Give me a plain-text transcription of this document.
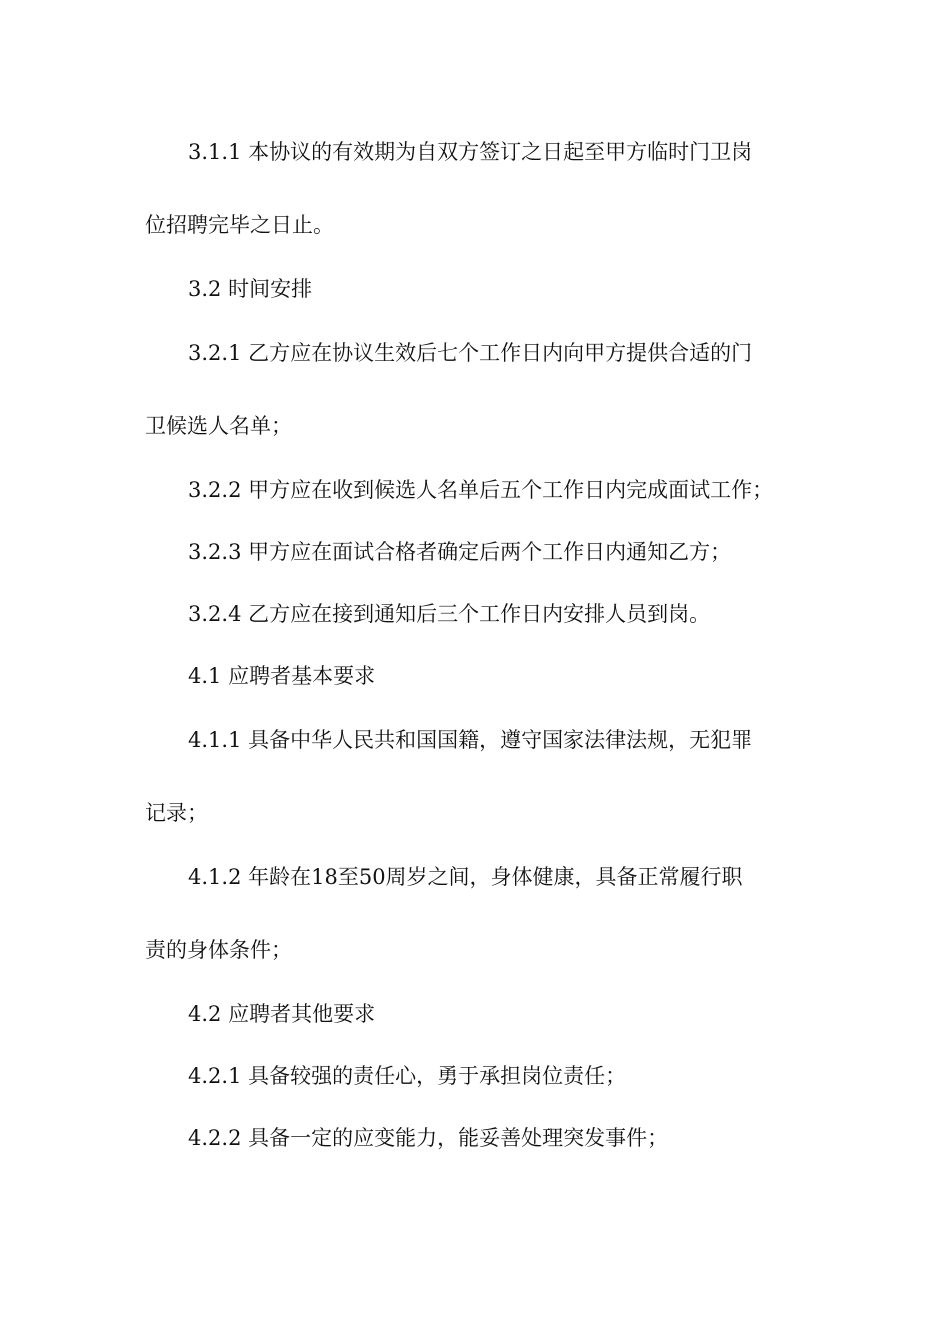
3.1.1 本协议的有效期为自双方签订之日起至甲方临时门卫岗

位招聘完毕之日止。

3.2 时间安排

3.2.1 乙方应在协议生效后七个工作日内向甲方提供合适的门

卫候选人名单；

3.2.2 甲方应在收到候选人名单后五个工作日内完成面试工作；

3.2.3 甲方应在面试合格者确定后两个工作日内通知乙方；

3.2.4 乙方应在接到通知后三个工作日内安排人员到岗。

4.1 应聘者基本要求

4.1.1 具备中华人民共和国国籍，遵守国家法律法规，无犯罪

记录；

4.1.2 年龄在18至50周岁之间，身体健康，具备正常履行职

责的身体条件；

4.2 应聘者其他要求

4.2.1 具备较强的责任心，勇于承担岗位责任；

4.2.2 具备一定的应变能力，能妥善处理突发事件；
